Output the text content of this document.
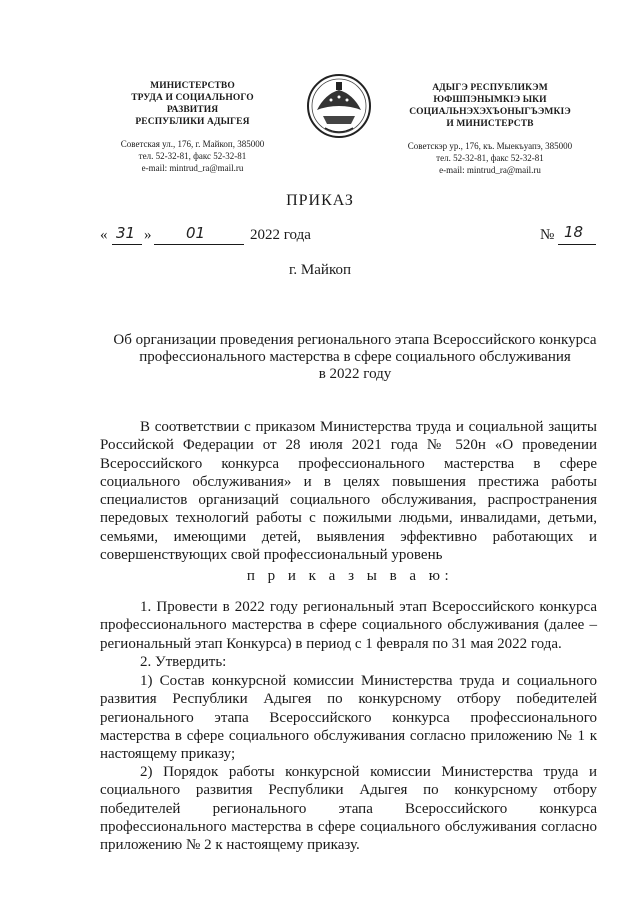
МИНИСТЕРСТВО
ТРУДА И СОЦИАЛЬНОГО
РАЗВИТИЯ
РЕСПУБЛИКИ АДЫГЕЯ
Советская ул., 176, г. Майкоп, 385000
тел. 52-32-81, факс 52-32-81
e-mail: mintrud_ra@mail.ru
АДЫГЭ РЕСПУБЛИКЭМ
ЮФШПЭНЫМКIЭ ЫКИ
СОЦИАЛЬНЭХЭХЪОНЫГЪЭМКIЭ
И МИНИСТЕРСТВ
Советскэр ур., 176, къ. Мыекъуапэ, 385000
тел. 52-32-81, факс 52-32-81
e-mail: mintrud_ra@mail.ru
ПРИКАЗ
« 31 » 01	2022 года	№ 18
г. Майкоп
Об организации проведения регионального этапа Всероссийского конкурса
профессионального мастерства в сфере социального обслуживания
в 2022 году
В соответствии с приказом Министерства труда и социальной защиты Российской Федерации от 28 июля 2021 года № 520н «О проведении Всероссийского конкурса профессионального мастерства в сфере социального обслуживания» и в целях повышения престижа работы специалистов организаций социального обслуживания, распространения передовых технологий работы с пожилыми людьми, инвалидами, детьми, семьями, имеющими детей, выявления эффективно работающих и совершенствующих свой профессиональный уровень
п р и к а з ы в а ю:
1. Провести в 2022 году региональный этап Всероссийского конкурса профессионального мастерства в сфере социального обслуживания (далее – региональный этап Конкурса) в период с 1 февраля по 31 мая 2022 года.
2. Утвердить:
1) Состав конкурсной комиссии Министерства труда и социального развития Республики Адыгея по конкурсному отбору победителей регионального этапа Всероссийского конкурса профессионального мастерства в сфере социального обслуживания согласно приложению № 1 к настоящему приказу;
2) Порядок работы конкурсной комиссии Министерства труда и социального развития Республики Адыгея по конкурсному отбору победителей регионального этапа Всероссийского конкурса профессионального мастерства в сфере социального обслуживания согласно приложению № 2 к настоящему приказу.
